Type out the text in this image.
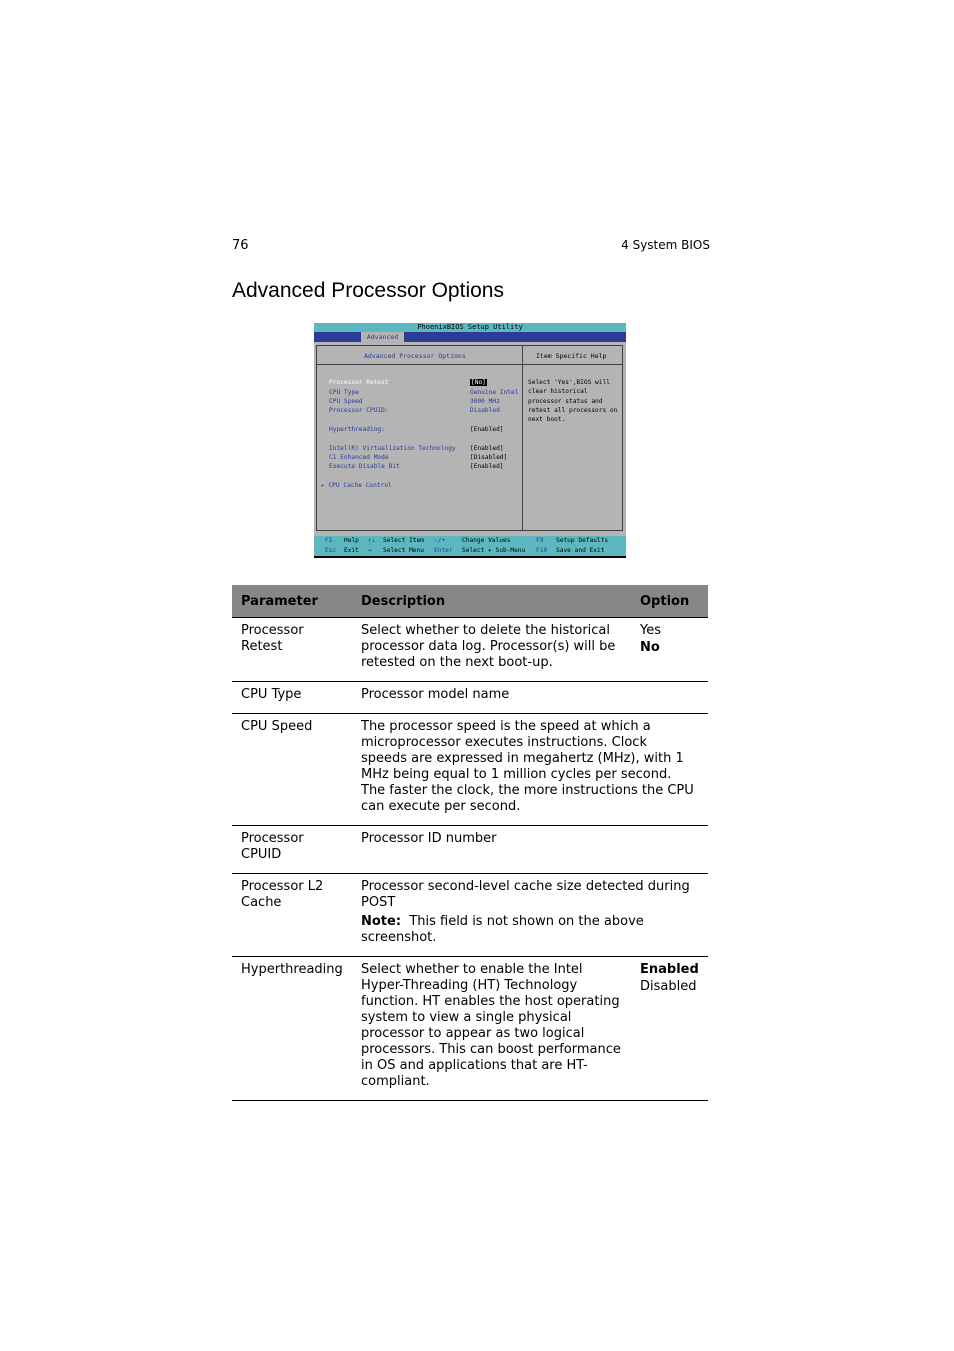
76	4 System BIOS
Advanced Processor Options
PhoenixBIOS Setup Utility
Advanced
Advanced Processor Options	Item Specific Help
Processor Retest	[No]
CPU Type	Genuine Intel
CPU Speed	3000 MHz
Processor CPUID:	Disabled
Hyperthreading:	[Enabled]
Intel(R) Virtualization Technology [Enabled]
C1 Enhanced Mode	[Disabled]
Execute Disable Bit	[Enabled]
▸ CPU Cache Control
Select 'Yes',BIOS will clear historical processor status and retest all processors on next boot.
F1 Help ↑↓ Select Item -/+	Change Values	F9 Setup Defaults
Esc Exit ↔ Select Menu Enter Select ▸ Sub-Menu F10 Save and Exit
Parameter	Description	Option
Processor Retest	Select whether to delete the historical processor data log. Processor(s) will be retested on the next boot-up.	Yes
No

CPU Type	Processor model name	
CPU Speed	The processor speed is the speed at which a microprocessor executes instructions. Clock speeds are expressed in megahertz (MHz), with 1 MHz being equal to 1 million cycles per second. The faster the clock, the more instructions the CPU can execute per second.	
Processor CPUID	Processor ID number	
Processor L2 Cache	Processor second-level cache size detected during POST
Note: This field is not shown on the above screenshot.	

Hyperthreading	Select whether to enable the Intel Hyper-Threading (HT) Technology function. HT enables the host operating system to view a single physical processor to appear as two logical processors. This can boost performance in OS and applications that are HT-compliant.	Enabled
Disabled
